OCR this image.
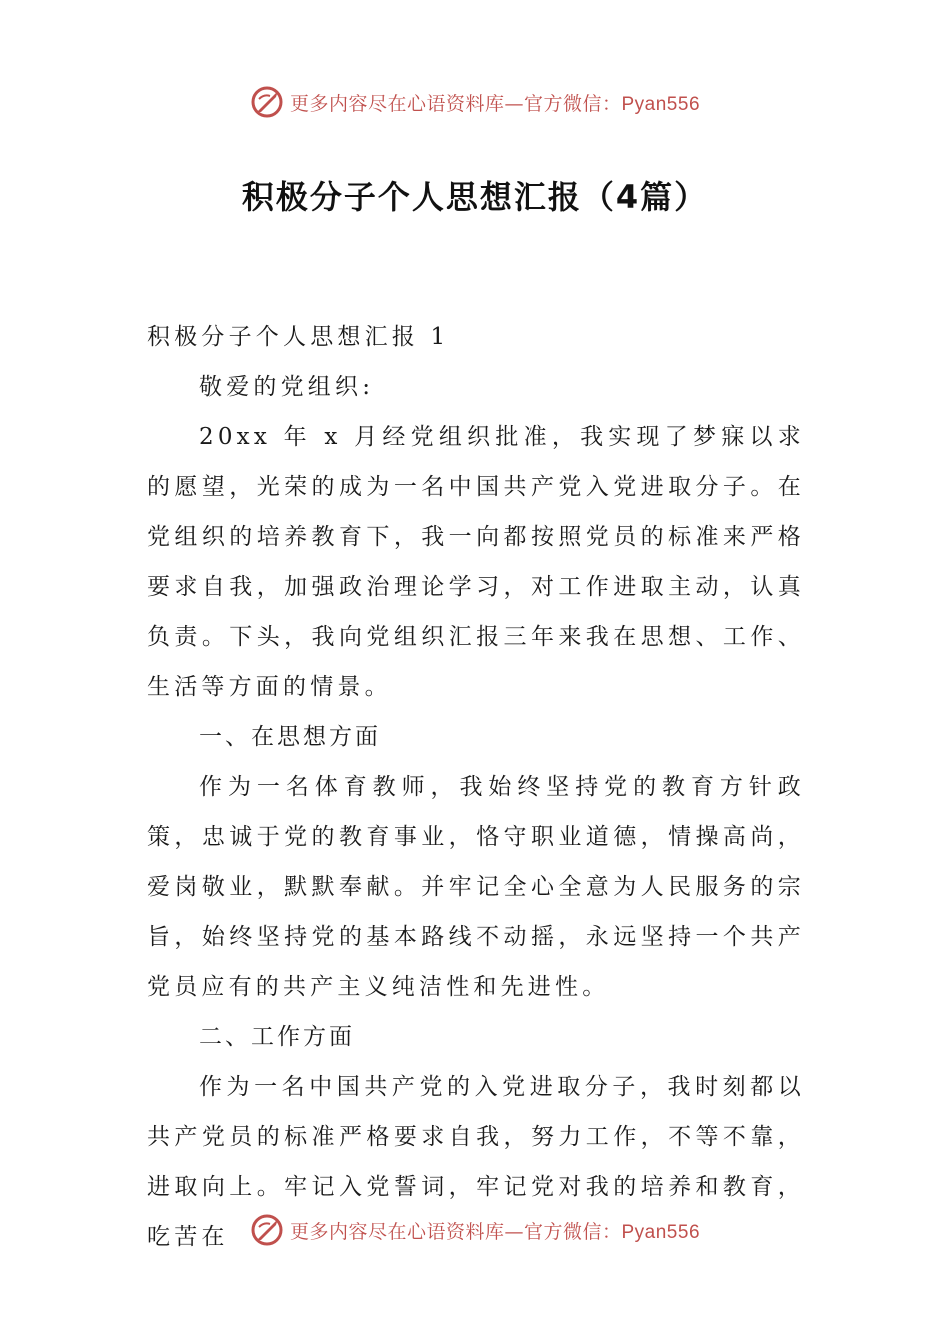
更多内容尽在心语资料库—官方微信：Pyan556
积极分子个人思想汇报（4篇）

积极分子个人思想汇报 1

敬爱的党组织:

20xx 年 x 月经党组织批准，我实现了梦寐以求的愿望，光荣的成为一名中国共产党入党进取分子。在党组织的培养教育下，我一向都按照党员的标准来严格要求自我，加强政治理论学习，对工作进取主动，认真负责。下头，我向党组织汇报三年来我在思想、工作、生活等方面的情景。

一、在思想方面

作为一名体育教师，我始终坚持党的教育方针政策，忠诚于党的教育事业，恪守职业道德，情操高尚，爱岗敬业，默默奉献。并牢记全心全意为人民服务的宗旨，始终坚持党的基本路线不动摇，永远坚持一个共产党员应有的共产主义纯洁性和先进性。

二、工作方面

作为一名中国共产党的入党进取分子，我时刻都以共产党员的标准严格要求自我，努力工作，不等不靠，进取向上。牢记入党誓词，牢记党对我的培养和教育，吃苦在	更多内容尽在心语资料库—官方微信：Pyan556
